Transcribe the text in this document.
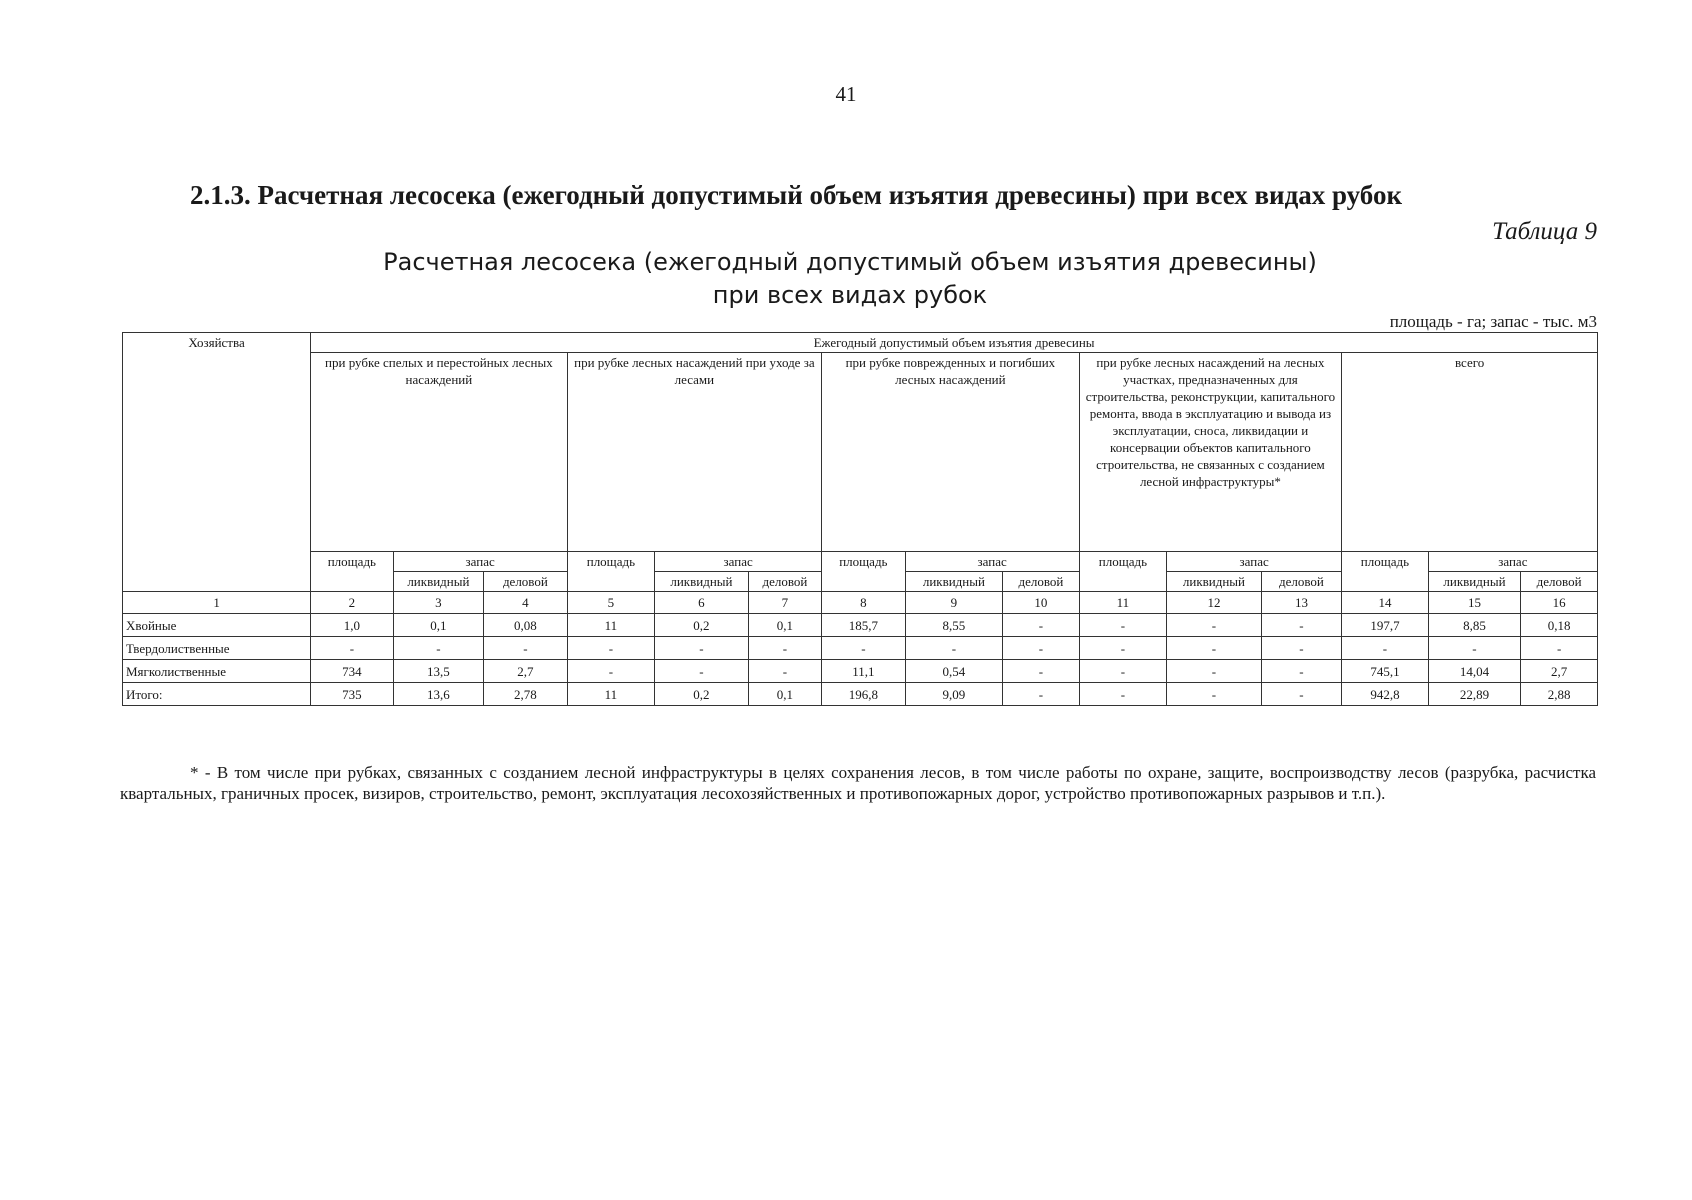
41
2.1.3. Расчетная лесосека (ежегодный допустимый объем изъятия древесины) при всех видах рубок
Таблица 9
Расчетная лесосека (ежегодный допустимый объем изъятия древесины)
при всех видах рубок
площадь - га; запас - тыс. м3
Хозяйства	Ежегодный допустимый объем изъятия древесины														
	при рубке спелых и перестойных лесных насаждений			при рубке лесных насаждений при уходе за лесами			при рубке поврежденных и погибших лесных насаждений			при рубке лесных насаждений на лесных участках, предназначенных для строительства, реконструкции, капитального ремонта, ввода в эксплуатацию и вывода из эксплуатации, сноса, ликвидации и консервации объектов капитального строительства, не связанных с созданием лесной инфраструктуры*			всего		
	площадь	запас		площадь	запас		площадь	запас		площадь	запас		площадь	запас	
		ликвидный	деловой		ликвидный	деловой		ликвидный	деловой		ликвидный	деловой		ликвидный	деловой
1	2	3	4	5	6	7	8	9	10	11	12	13	14	15	16
Хвойные	1,0	0,1	0,08	11	0,2	0,1	185,7	8,55	-	-	-	-	197,7	8,85	0,18
Твердолиственные	-	-	-	-	-	-	-	-	-	-	-	-	-	-	-
Мягколиственные	734	13,5	2,7	-	-	-	11,1	0,54	-	-	-	-	745,1	14,04	2,7
Итого:	735	13,6	2,78	11	0,2	0,1	196,8	9,09	-	-	-	-	942,8	22,89	2,88
* - В том числе при рубках, связанных с созданием лесной инфраструктуры в целях сохранения лесов, в том числе работы по охране, защите, воспроизводству лесов (разрубка, расчистка квартальных, граничных просек, визиров, строительство, ремонт, эксплуатация лесохозяйственных и противопожарных дорог, устройство противопожарных разрывов и т.п.).
